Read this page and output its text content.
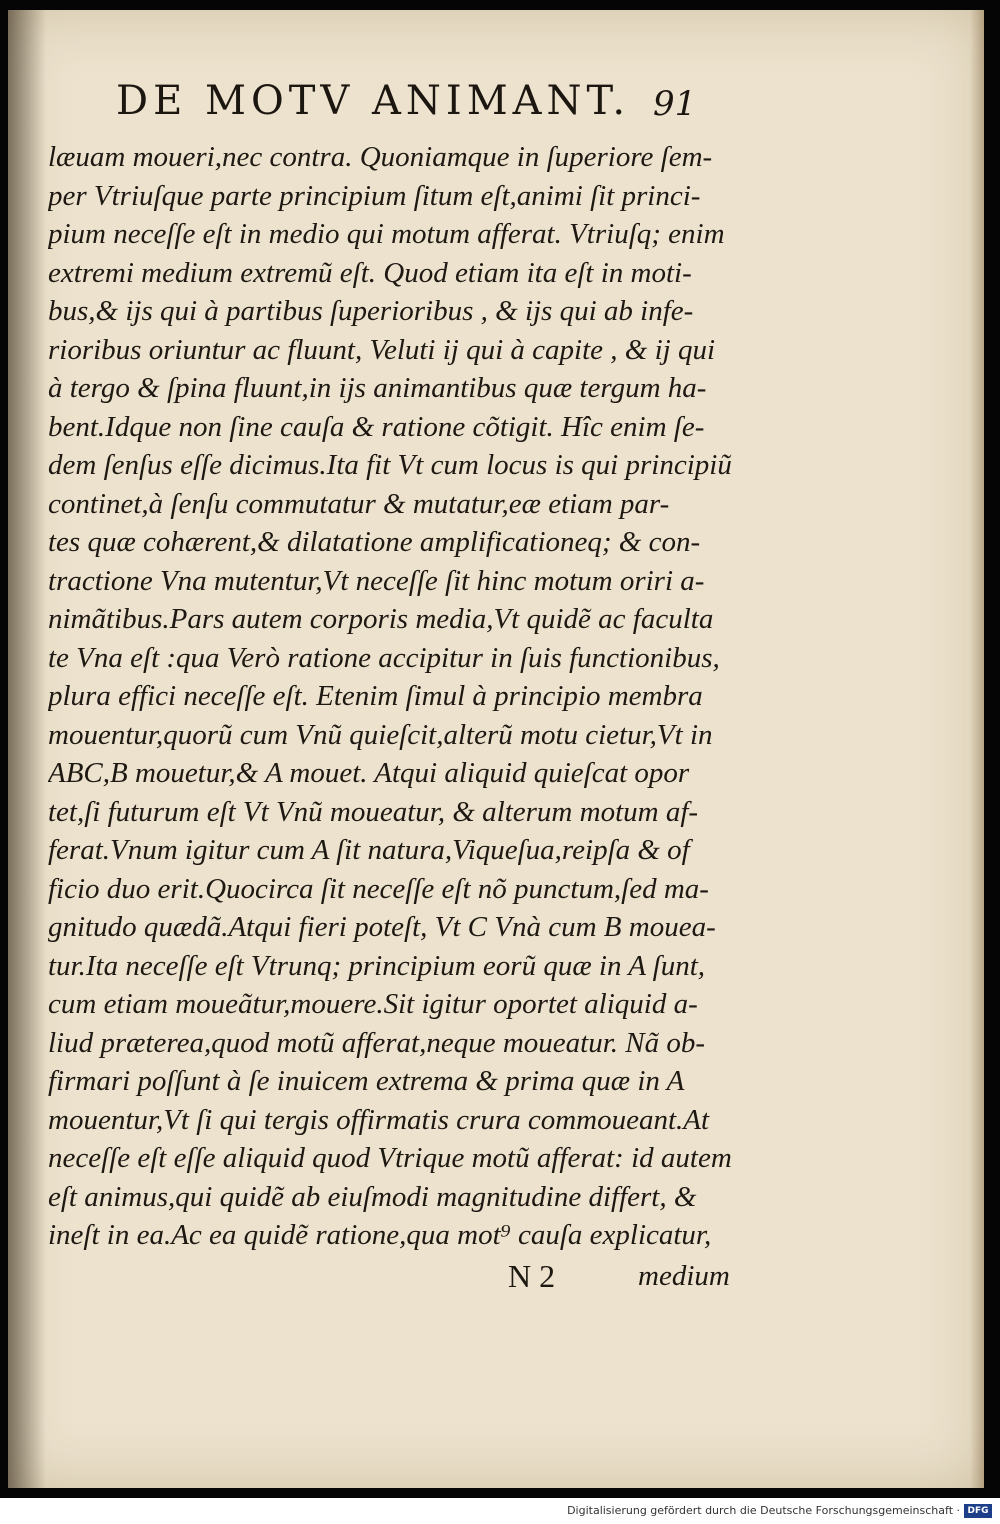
DE MOTV ANIMANT. 91
læuam moueri,nec contra. Quoniamque in ſuperiore ſem-
per Vtriuſque parte principium ſitum eſt,animi ſit princi-
pium neceſſe eſt in medio qui motum afferat. Vtriuſq; enim
extremi medium extremũ eſt. Quod etiam ita eſt in moti-
bus,& ijs qui à partibus ſuperioribus , & ijs qui ab infe-
rioribus oriuntur ac fluunt, Veluti ij qui à capite , & ij qui
à tergo & ſpina fluunt,in ijs animantibus quæ tergum ha-
bent.Idque non ſine cauſa & ratione cõtigit. Hîc enim ſe-
dem ſenſus eſſe dicimus.Ita fit Vt cum locus is qui principiũ
continet,à ſenſu commutatur & mutatur,eæ etiam par-
tes quæ cohærent,& dilatatione amplificationeq; & con-
tractione Vna mutentur,Vt neceſſe ſit hinc motum oriri a-
nimãtibus.Pars autem corporis media,Vt quidẽ ac faculta
te Vna eſt :qua Verò ratione accipitur in ſuis functionibus,
plura effici neceſſe eſt. Etenim ſimul à principio membra
mouentur,quorũ cum Vnũ quieſcit,alterũ motu cietur,Vt in
ABC,B mouetur,& A mouet. Atqui aliquid quieſcat opor
tet,ſi futurum eſt Vt Vnũ moueatur, & alterum motum af-
ferat.Vnum igitur cum A ſit natura,Viqueſua,reipſa & of
ficio duo erit.Quocirca ſit neceſſe eſt nõ punctum,ſed ma-
gnitudo quædã.Atqui fieri poteſt, Vt C Vnà cum B mouea-
tur.Ita neceſſe eſt Vtrunq; principium eorũ quæ in A ſunt,
cum etiam moueãtur,mouere.Sit igitur oportet aliquid a-
liud præterea,quod motũ afferat,neque moueatur. Nã ob-
firmari poſſunt à ſe inuicem extrema & prima quæ in A
mouentur,Vt ſi qui tergis offirmatis crura commoueant.At
neceſſe eſt eſſe aliquid quod Vtrique motũ afferat: id autem
eſt animus,qui quidẽ ab eiuſmodi magnitudine differt, &
ineſt in ea.Ac ea quidẽ ratione,qua mot⁹ cauſa explicatur,
N 2	medium
Digitalisierung gefördert durch die Deutsche Forschungsgemeinschaft · DFG
